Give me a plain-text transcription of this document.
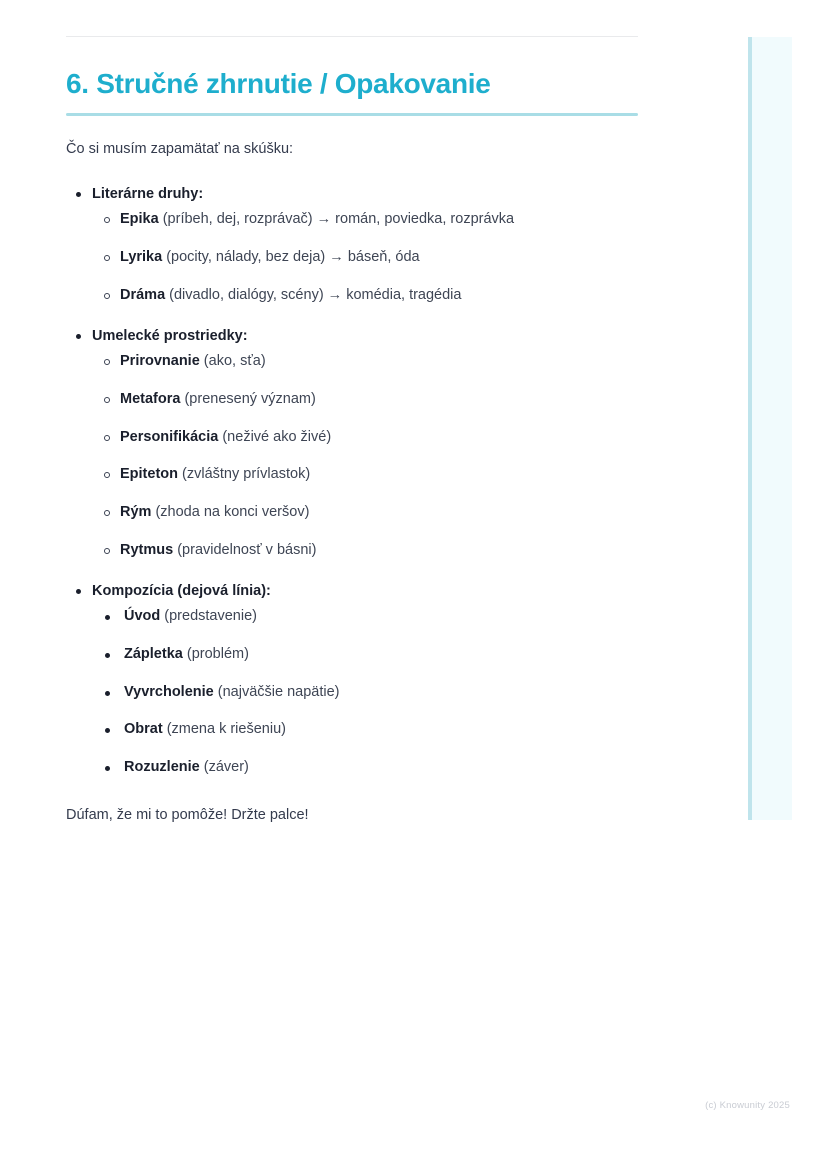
6. Stručné zhrnutie / Opakovanie

Čo si musím zapamätať na skúšku:

Literárne druhy:
Epika (príbeh, dej, rozprávač) → román, poviedka, rozprávka
Lyrika (pocity, nálady, bez deja) → báseň, óda
Dráma (divadlo, dialógy, scény) → komédia, tragédia
Umelecké prostriedky:
Prirovnanie (ako, sťa)
Metafora (prenesený význam)
Personifikácia (neživé ako živé)
Epiteton (zvláštny prívlastok)
Rým (zhoda na konci veršov)
Rytmus (pravidelnosť v básni)
Kompozícia (dejová línia):
Úvod (predstavenie)
Zápletka (problém)
Vyvrcholenie (najväčšie napätie)
Obrat (zmena k riešeniu)
Rozuzlenie (záver)

Dúfam, že mi to pomôže! Držte palce!

(c) Knowunity 2025
